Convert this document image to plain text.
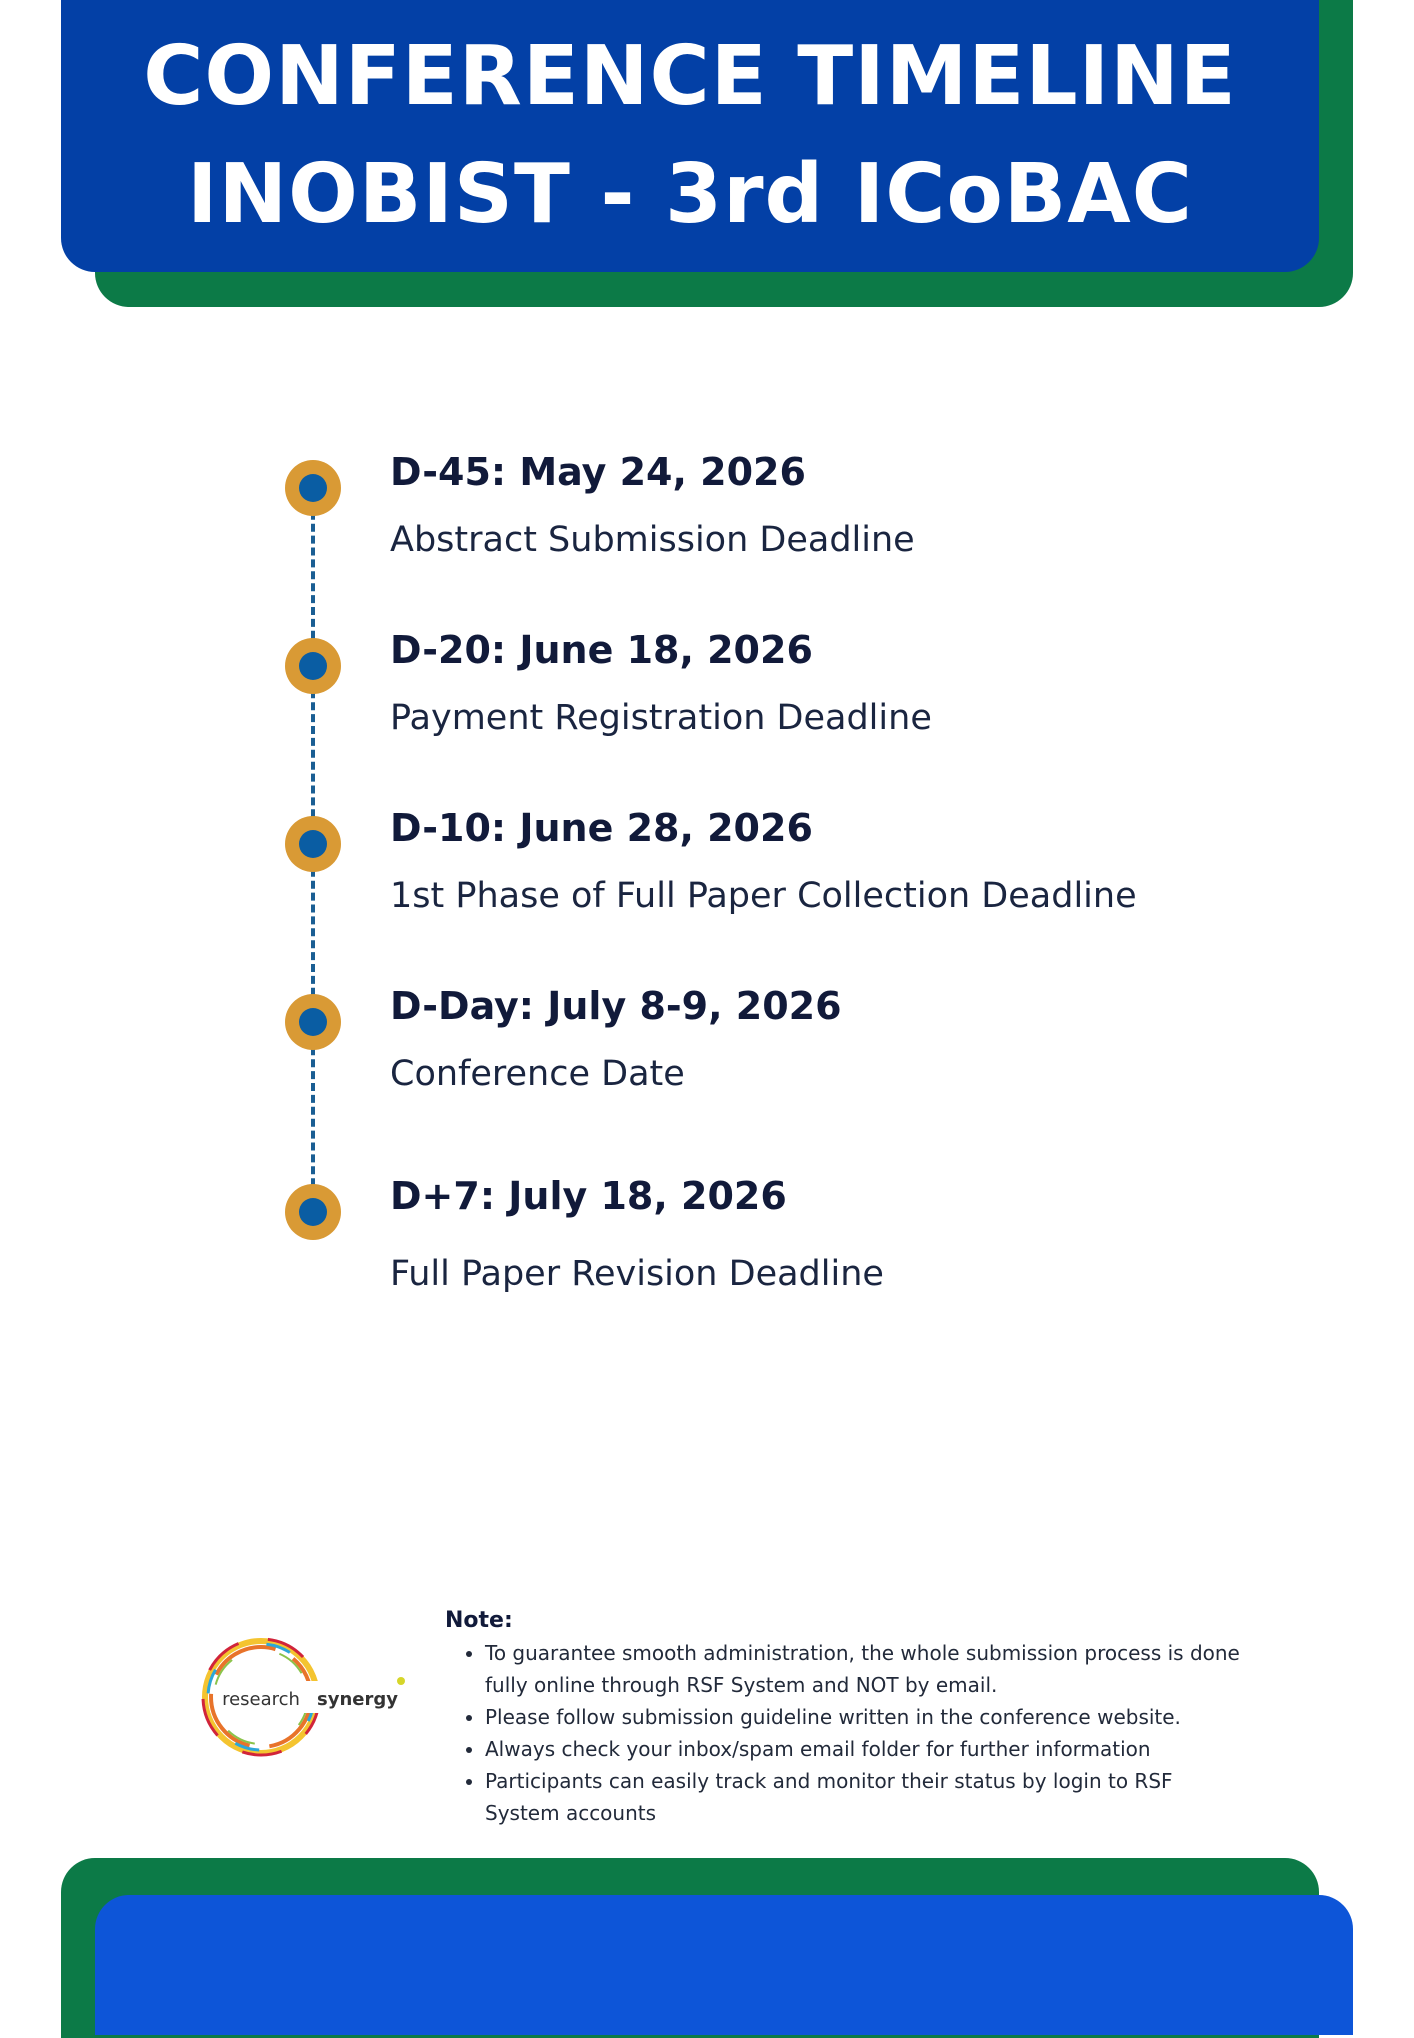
CONFERENCE TIMELINE
INOBIST - 3rd ICoBAC
D-45: May 24, 2026
Abstract Submission Deadline
D-20: June 18, 2026
Payment Registration Deadline
D-10: June 28, 2026
1st Phase of Full Paper Collection Deadline
D-Day: July 8-9, 2026
Conference Date
D+7: July 18, 2026
Full Paper Revision Deadline
research synergy
Note:
• To guarantee smooth administration, the whole submission process is done fully online through RSF System and NOT by email.
• Please follow submission guideline written in the conference website.
• Always check your inbox/spam email folder for further information
• Participants can easily track and monitor their status by login to RSF System accounts
